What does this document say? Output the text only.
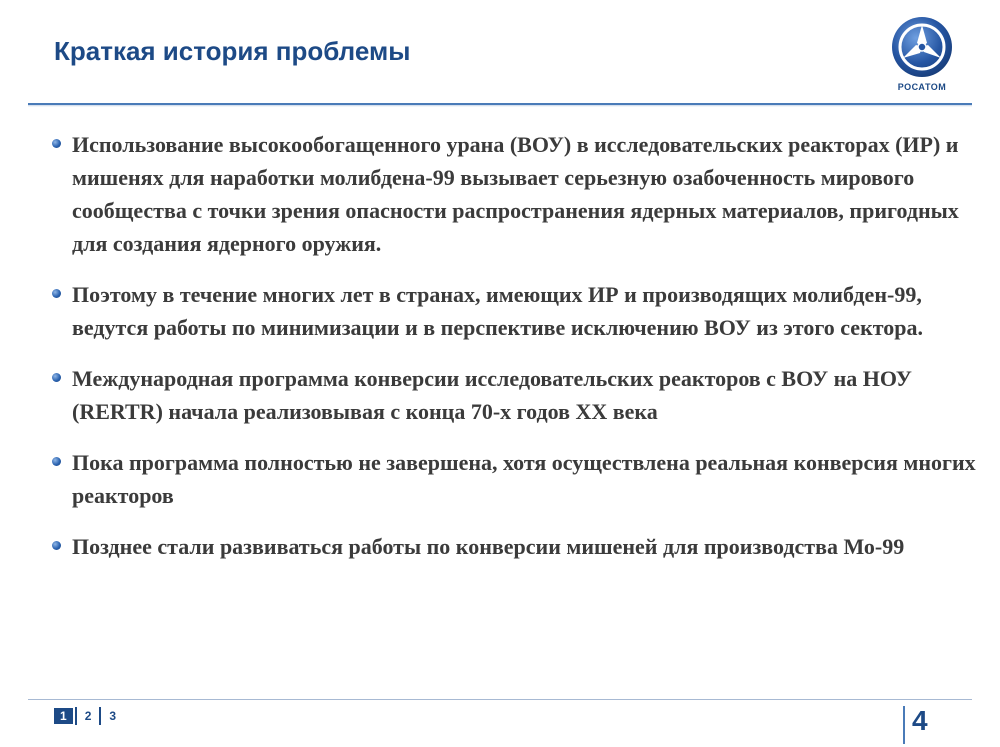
Краткая история проблемы
РОСАТОМ
Использование высокообогащенного урана (ВОУ) в исследовательских реакторах (ИР) и мишенях для наработки молибдена-99 вызывает серьезную озабоченность мирового сообщества с точки зрения опасности распространения ядерных материалов, пригодных для создания ядерного оружия.
Поэтому в течение многих лет в странах, имеющих ИР и производящих молибден-99, ведутся работы по минимизации и в перспективе исключению ВОУ из этого сектора.
Международная программа конверсии исследовательских реакторов с ВОУ на НОУ (RERTR) начала реализовывая с конца 70-х годов XX века
Пока программа полностью не завершена, хотя осуществлена реальная конверсия многих реакторов
Позднее стали развиваться работы по конверсии мишеней для производства Мо-99
1	2	3	4
